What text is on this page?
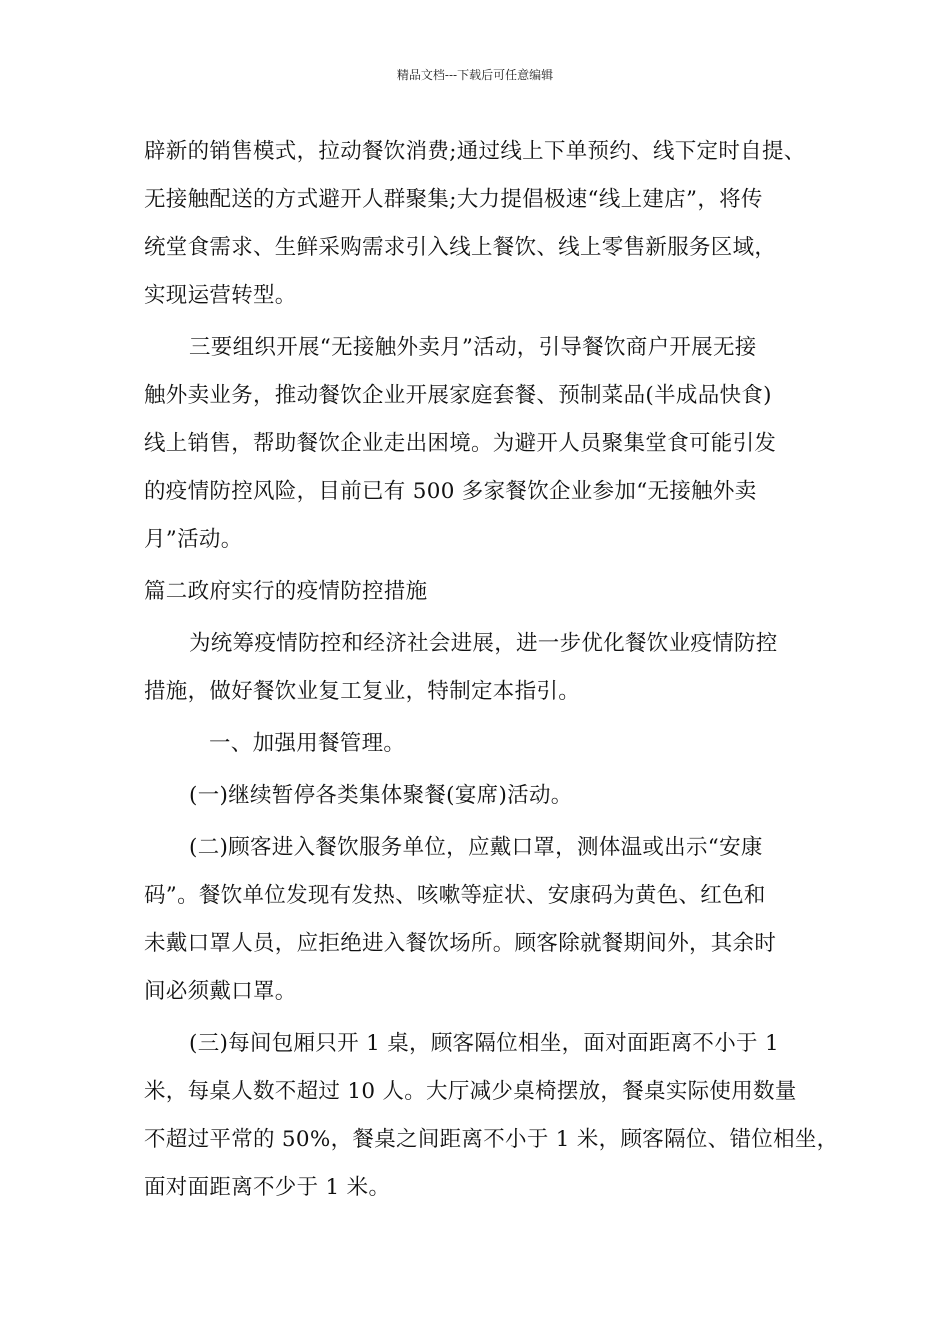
精品文档---下载后可任意编辑
辟新的销售模式，拉动餐饮消费;通过线上下单预约、线下定时自提、
无接触配送的方式避开人群聚集;大力提倡极速“线上建店”，将传
统堂食需求、生鲜采购需求引入线上餐饮、线上零售新服务区域，
实现运营转型。
三要组织开展“无接触外卖月”活动，引导餐饮商户开展无接
触外卖业务，推动餐饮企业开展家庭套餐、预制菜品(半成品快食)
线上销售，帮助餐饮企业走出困境。为避开人员聚集堂食可能引发
的疫情防控风险，目前已有 500 多家餐饮企业参加“无接触外卖
月”活动。
篇二政府实行的疫情防控措施
为统筹疫情防控和经济社会进展，进一步优化餐饮业疫情防控
措施，做好餐饮业复工复业，特制定本指引。
一、加强用餐管理。
(一)继续暂停各类集体聚餐(宴席)活动。
(二)顾客进入餐饮服务单位，应戴口罩，测体温或出示“安康
码”。餐饮单位发现有发热、咳嗽等症状、安康码为黄色、红色和
未戴口罩人员，应拒绝进入餐饮场所。顾客除就餐期间外，其余时
间必须戴口罩。
(三)每间包厢只开 1 桌，顾客隔位相坐，面对面距离不小于 1
米，每桌人数不超过 10 人。大厅减少桌椅摆放，餐桌实际使用数量
不超过平常的 50%，餐桌之间距离不小于 1 米，顾客隔位、错位相坐，
面对面距离不少于 1 米。
